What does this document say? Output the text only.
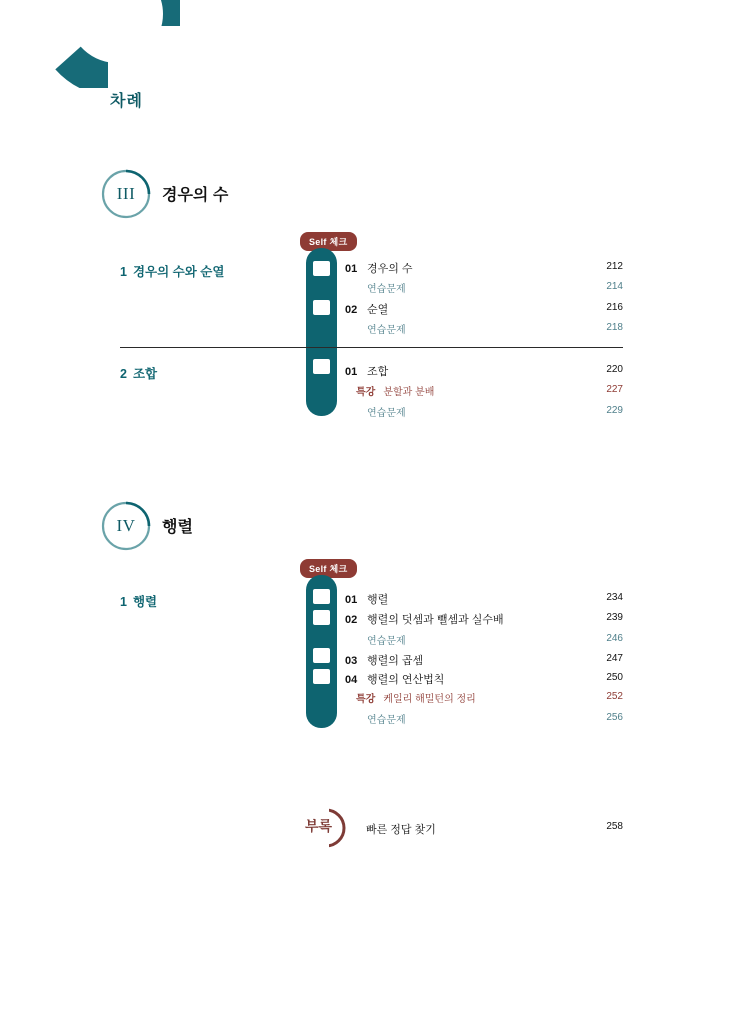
차례
III	경우의 수
Self 체크
1 경우의 수와 순열
2 조합
01 경우의 수	212
연습문제	214
02 순열	216
연습문제	218
01 조합	220
특강 분할과 분배	227
연습문제	229
IV	행렬
Self 체크
1 행렬	01 행렬	234
02 행렬의 덧셈과 뺄셈과 실수배	239
연습문제	246
03 행렬의 곱셈	247
04 행렬의 연산법칙	250
특강 케일리 해밀턴의 정리	252
연습문제	256
부록	빠른 정답 찾기	258
